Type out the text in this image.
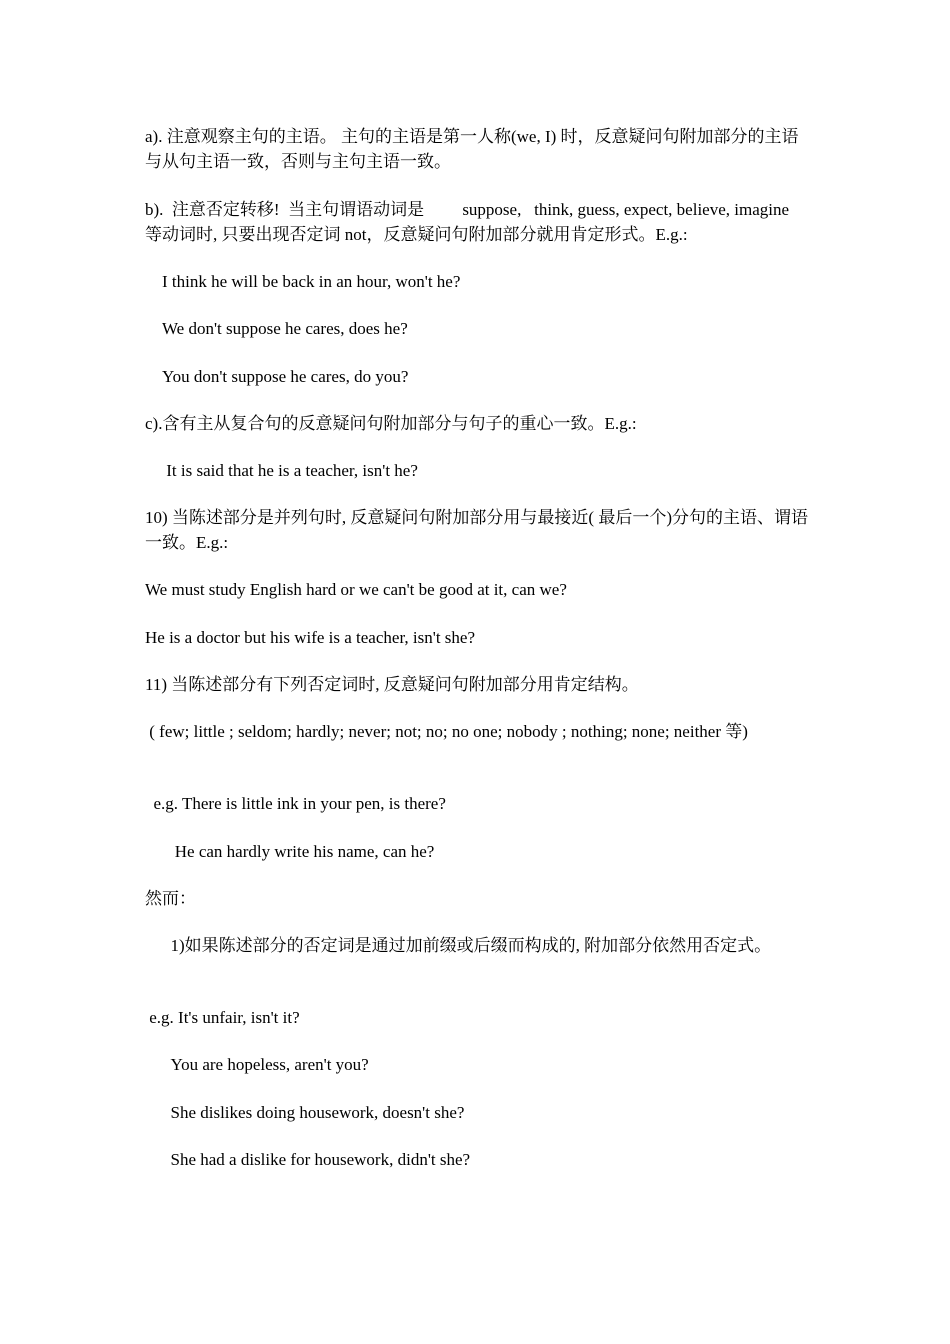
a). 注意观察主句的主语。 主句的主语是第一人称(we, I) 时，反意疑问句附加部分的主语与从句主语一致，否则与主句主语一致。

b).  注意否定转移!  当主句谓语动词是         suppose,   think, guess, expect, believe, imagine 等动词时, 只要出现否定词 not，反意疑问句附加部分就用肯定形式。E.g.:

I think he will be back in an hour, won't he?

We don't suppose he cares, does he?

You don't suppose he cares, do you?

c).含有主从复合句的反意疑问句附加部分与句子的重心一致。E.g.:

It is said that he is a teacher, isn't he?

10) 当陈述部分是并列句时, 反意疑问句附加部分用与最接近( 最后一个)分句的主语、谓语一致。E.g.:

We must study English hard or we can't be good at it, can we?

He is a doctor but his wife is a teacher, isn't she?

11) 当陈述部分有下列否定词时, 反意疑问句附加部分用肯定结构。

( few; little ; seldom; hardly; never; not; no; no one; nobody ; nothing; none; neither 等)

e.g. There is little ink in your pen, is there?

He can hardly write his name, can he?

然而：

1)如果陈述部分的否定词是通过加前缀或后缀而构成的, 附加部分依然用否定式。

e.g. It's unfair, isn't it?

You are hopeless, aren't you?

She dislikes doing housework, doesn't she?

She had a dislike for housework, didn't she?
